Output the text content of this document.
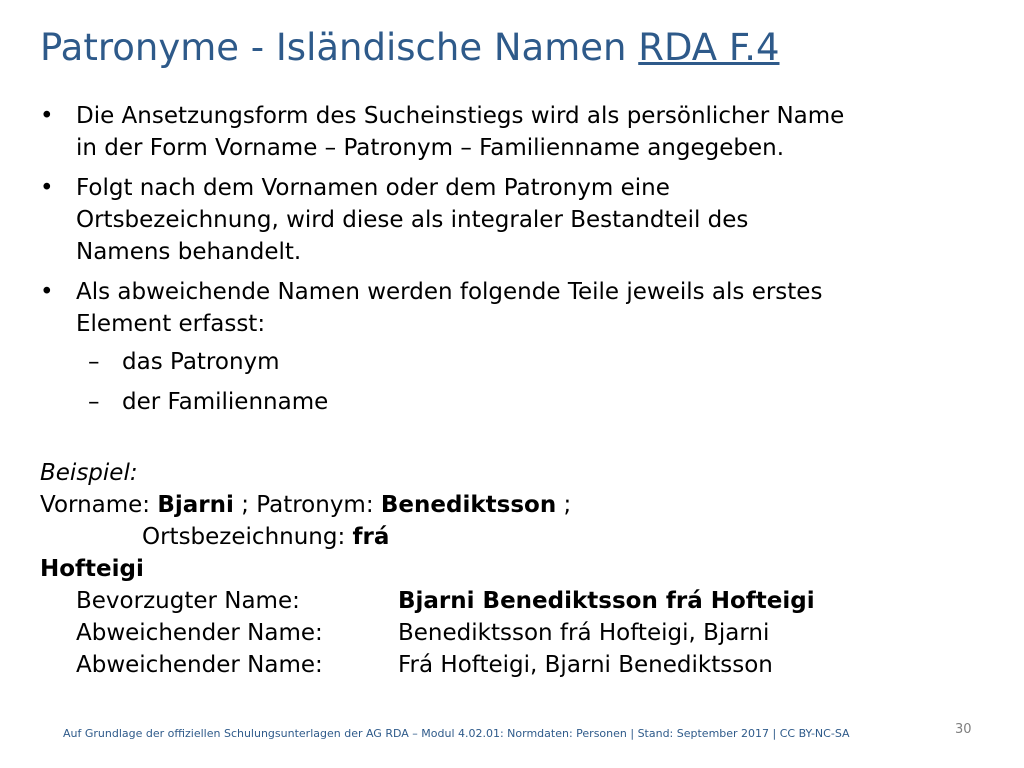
Patronyme - Isländische Namen RDA F.4
• Die Ansetzungsform des Sucheinstiegs wird als persönlicher Name
in der Form Vorname – Patronym – Familienname angegeben.
• Folgt nach dem Vornamen oder dem Patronym eine
Ortsbezeichnung, wird diese als integraler Bestandteil des
Namens behandelt.
• Als abweichende Namen werden folgende Teile jeweils als erstes
Element erfasst:
– das Patronym
– der Familienname
Beispiel:
Vorname: Bjarni ; Patronym: Benediktsson ;
Ortsbezeichnung: frá
Hofteigi
Bevorzugter Name:	Bjarni Benediktsson frá Hofteigi
Abweichender Name:	Benediktsson frá Hofteigi, Bjarni
Abweichender Name:	Frá Hofteigi, Bjarni Benediktsson
Auf Grundlage der offiziellen Schulungsunterlagen der AG RDA – Modul 4.02.01: Normdaten: Personen | Stand: September 2017 | CC BY-NC-SA	30
